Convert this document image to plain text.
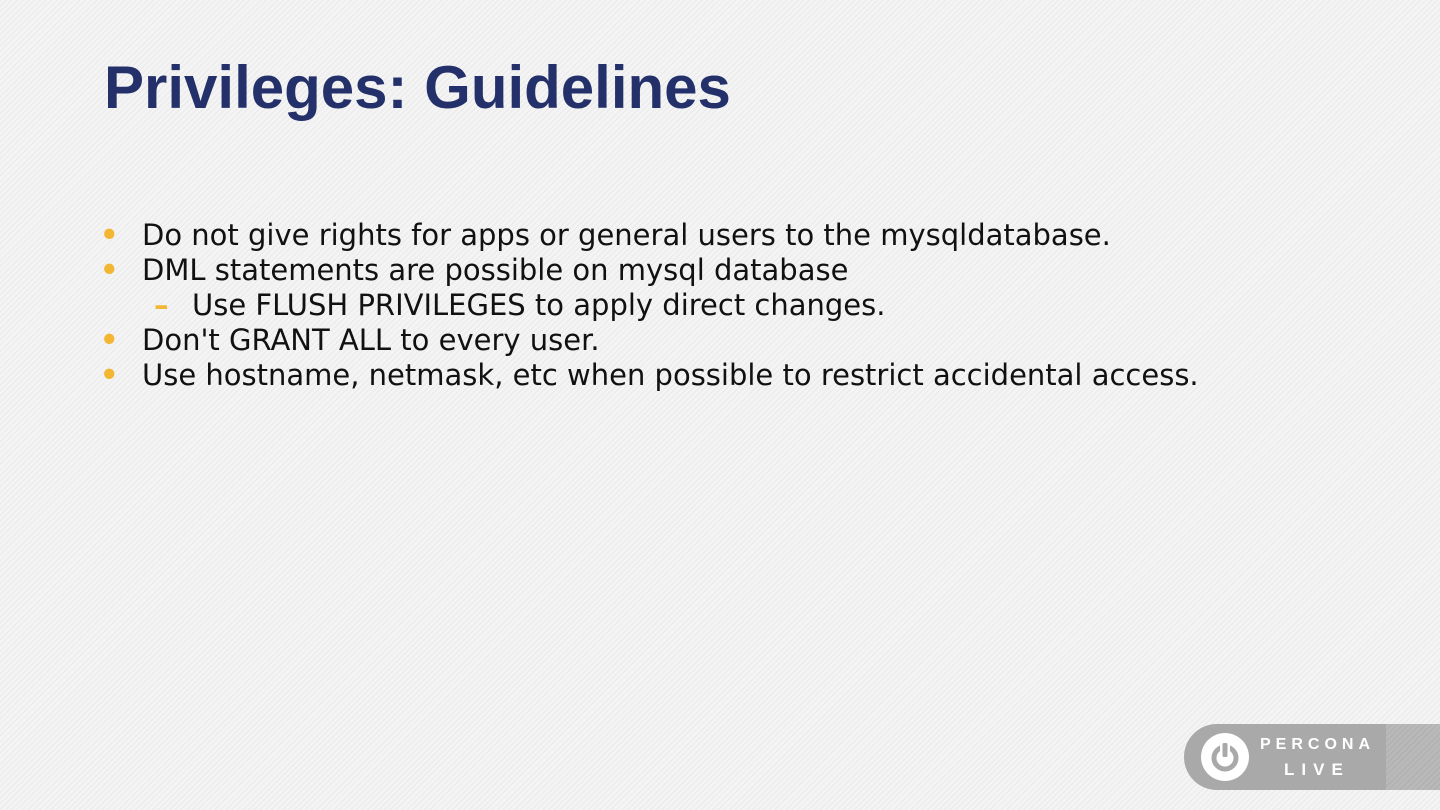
Privileges: Guidelines
• Do not give rights for apps or general users to the mysqldatabase.
• DML statements are possible on mysql database
– Use FLUSH PRIVILEGES to apply direct changes.
• Don't GRANT ALL to every user.
• Use hostname, netmask, etc when possible to restrict accidental access.
PERCONA
LIVE
